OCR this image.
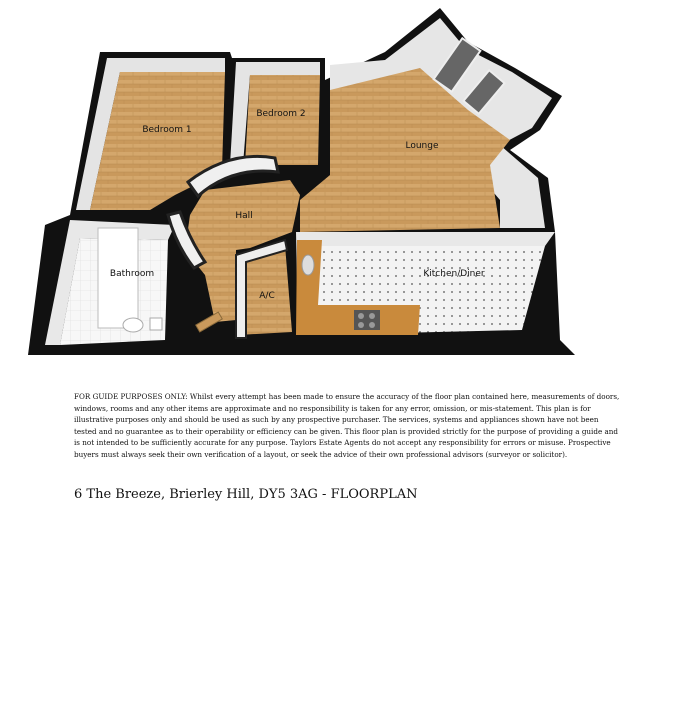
Bedroom 1
Bedroom 2
Lounge
Hall
Bathroom
A/C
Kitchen/Diner

FOR GUIDE PURPOSES ONLY: Whilst every attempt has been made to ensure the accuracy of the floor plan contained here, measurements of doors, windows, rooms and any other items are approximate and no responsibility is taken for any error, omission, or mis-statement. This plan is for illustrative purposes only and should be used as such by any prospective purchaser. The services, systems and appliances shown have not been tested and no guarantee as to their operability or efficiency can be given. This floor plan is provided strictly for the purpose of providing a guide and is not intended to be sufficiently accurate for any purpose. Taylors Estate Agents do not accept any responsibility for errors or misuse. Prospective buyers must always seek their own verification of a layout, or seek the advice of their own professional advisors (surveyor or solicitor).

6 The Breeze, Brierley Hill, DY5 3AG - FLOORPLAN
